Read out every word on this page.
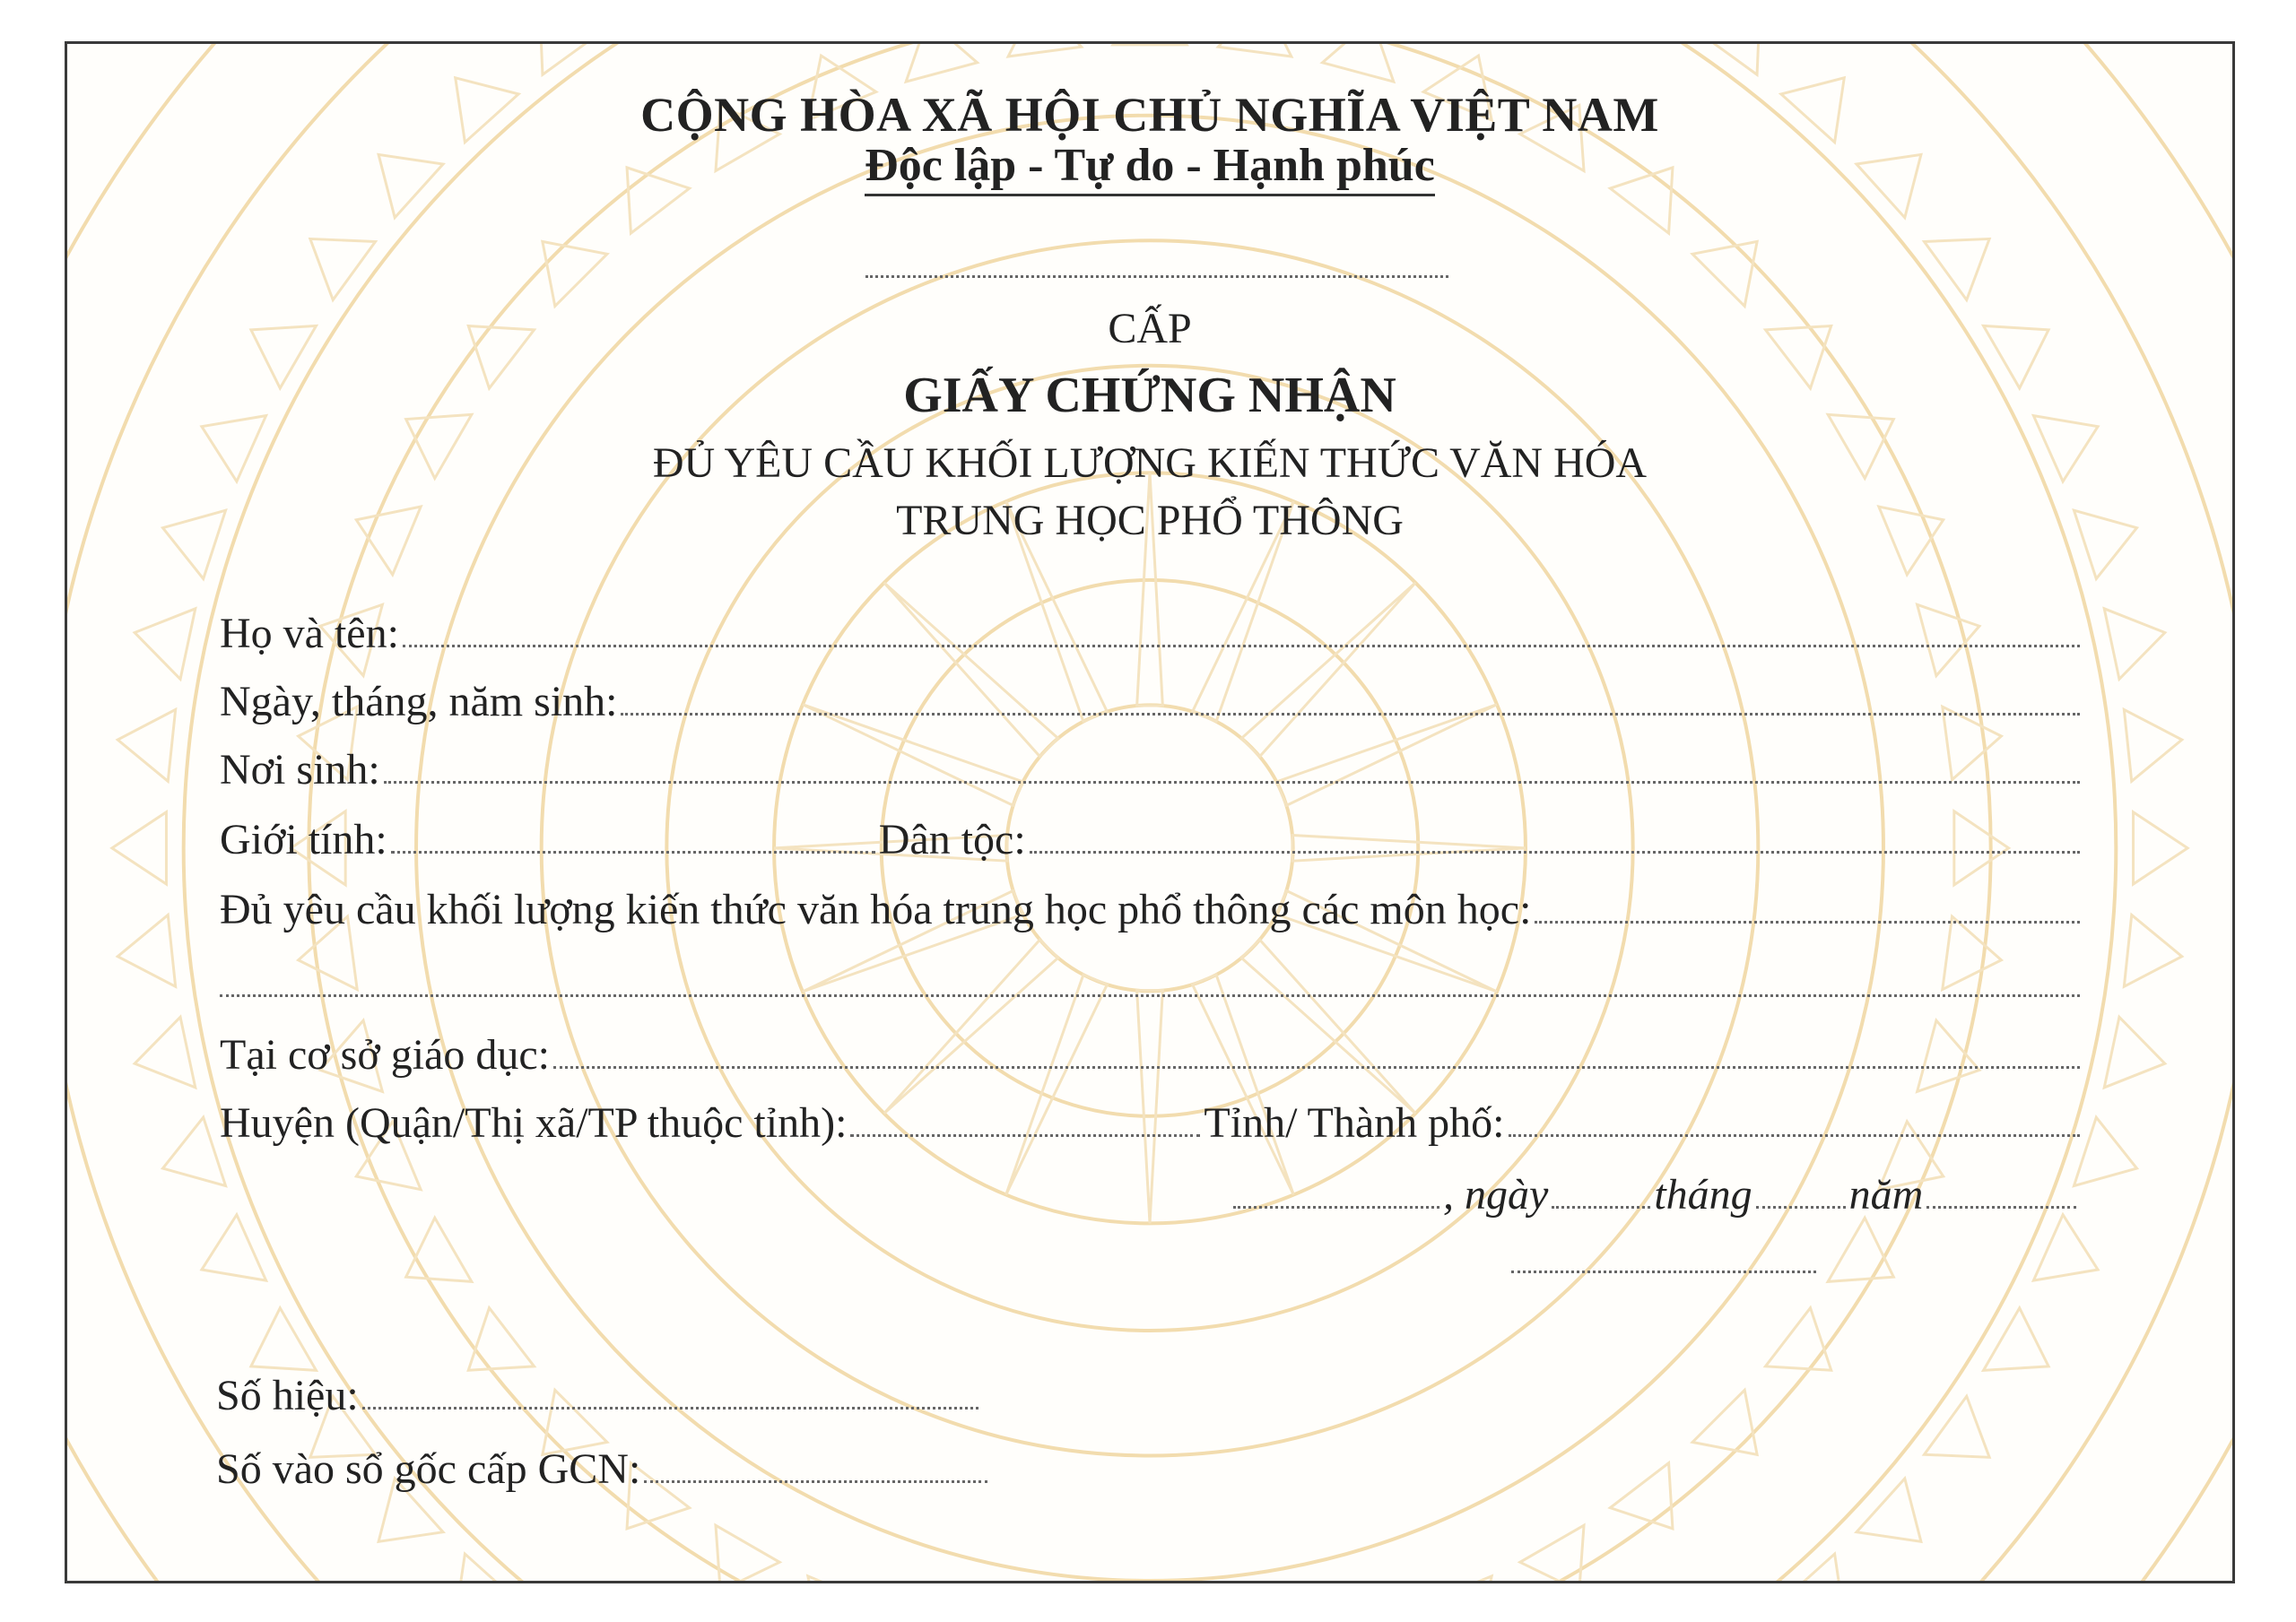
CỘNG HÒA XÃ HỘI CHỦ NGHĨA VIỆT NAM
Độc lập - Tự do - Hạnh phúc
CẤP
GIẤY CHỨNG NHẬN
ĐỦ YÊU CẦU KHỐI LƯỢNG KIẾN THỨC VĂN HÓA
TRUNG HỌC PHỔ THÔNG
Họ và tên:
Ngày, tháng, năm sinh:
Nơi sinh:
Giới tính:	Dân tộc:
Đủ yêu cầu khối lượng kiến thức văn hóa trung học phổ thông các môn học:
Tại cơ sở giáo dục:
Huyện (Quận/Thị xã/TP thuộc tỉnh):	Tỉnh/ Thành phố:
, ngày tháng năm
Số hiệu:
Số vào sổ gốc cấp GCN:
